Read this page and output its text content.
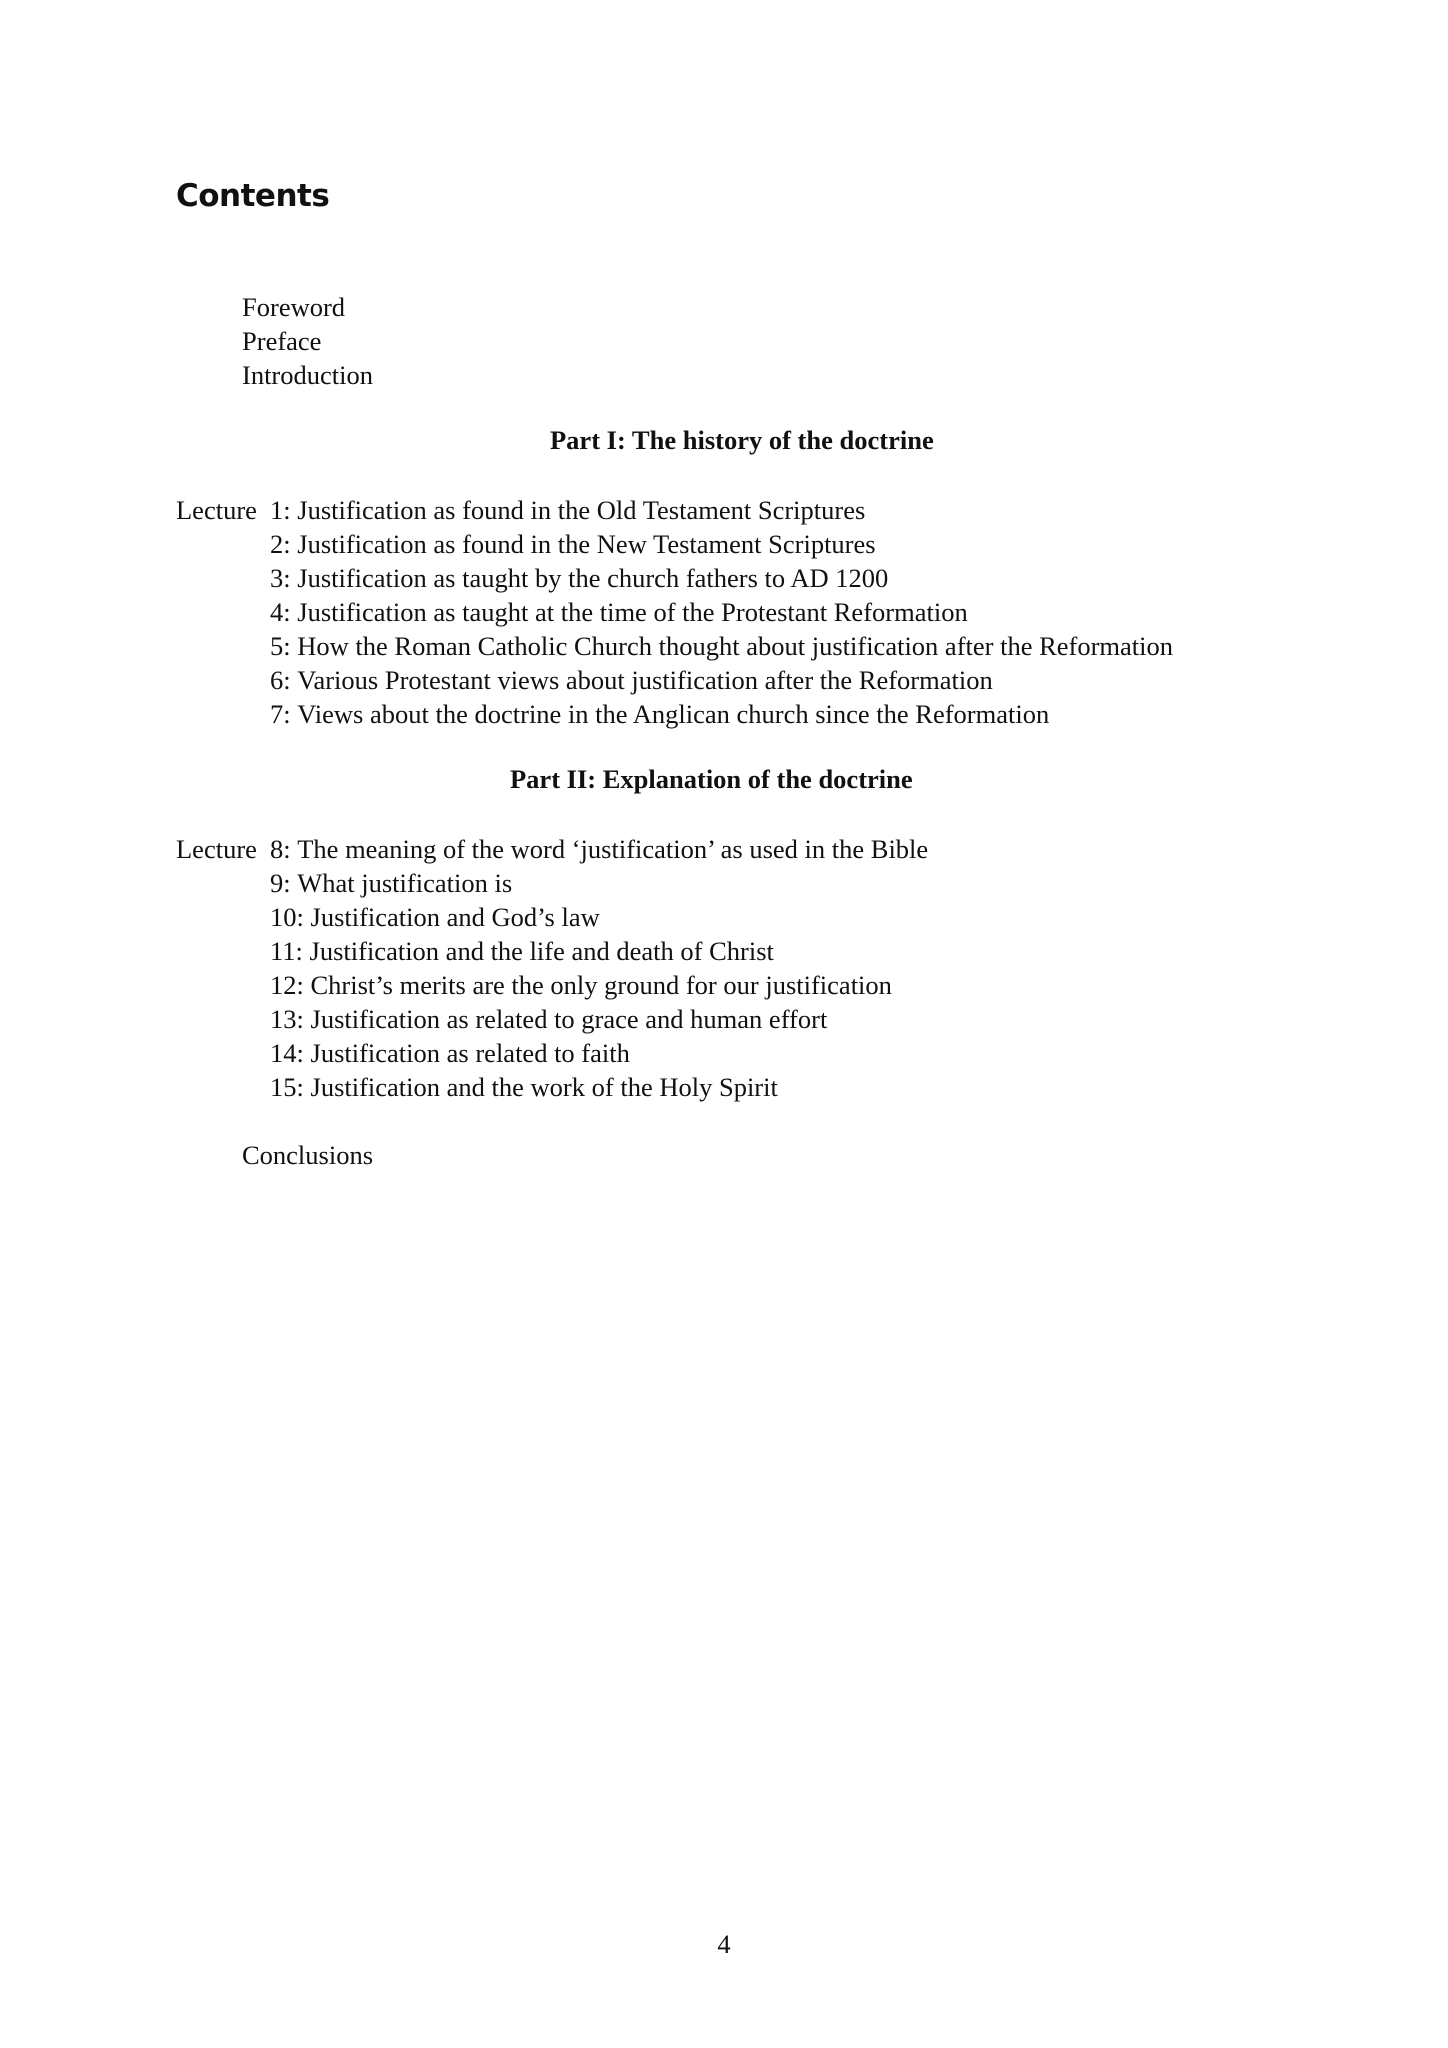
Contents
Foreword
Preface
Introduction
Part I: The history of the doctrine
Lecture 1:
Justification as found in the Old Testament Scriptures
2:
Justification as found in the New Testament Scriptures
3:
Justification as taught by the church fathers to AD 1200
4:
Justification as taught at the time of the Protestant Reformation
5:
How the Roman Catholic Church thought about justification after the Reformation
6:
Various Protestant views about justification after the Reformation
7:
Views about the doctrine in the Anglican church since the Reformation
Part II: Explanation of the doctrine
Lecture 8:
The meaning of the word ‘justification’ as used in the Bible
9:
What justification is
10:
Justification and God’s law
11:
Justification and the life and death of Christ
12:
Christ’s merits are the only ground for our justification
13:
Justification as related to grace and human effort
14:
Justification as related to faith
15:
Justification and the work of the Holy Spirit
Conclusions
4
